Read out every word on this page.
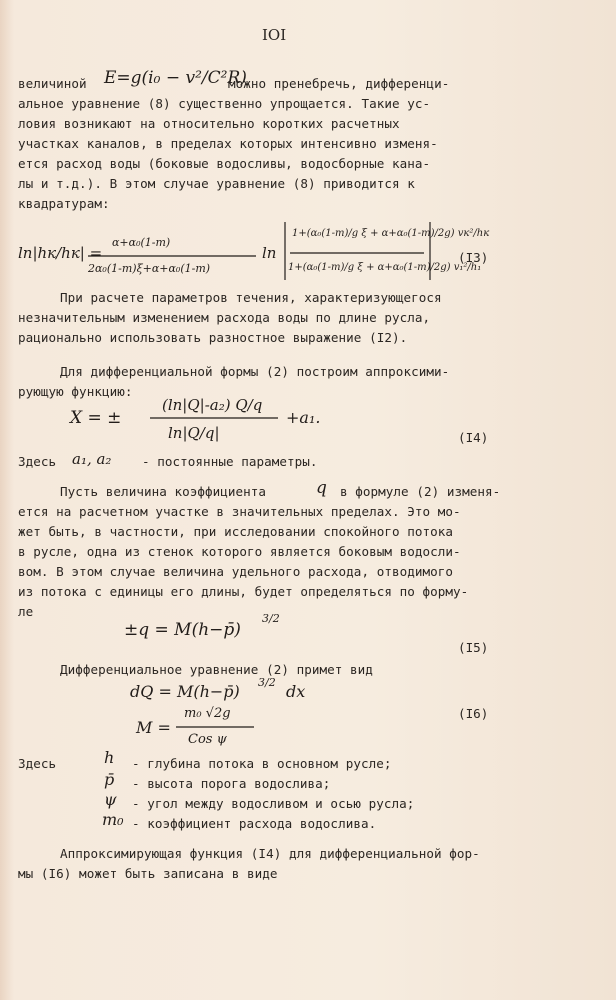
IOI
величиной E=g(i₀ − v²/C²R)
можно пренебречь, дифференци-
альное уравнение (8) существенно упрощается. Такие ус-
ловия возникают на относительно коротких расчетных
участках каналов, в пределах которых интенсивно изменя-
ется расход воды (боковые водосливы, водосборные кана-
лы и т.д.). В этом случае уравнение (8) приводится к
квадратурам:
ln|hк/hк| =
α+α₀(1-m)
2α₀(1-m)ξ+α+α₀(1-m)
ln
1+(α₀(1-m)/g ξ + α+α₀(1-m)/2g) vк²/hк
1+(α₀(1-m)/g ξ + α+α₀(1-m)/2g) v₁²/h₁
(I3)
При расчете параметров течения, характеризующегося
незначительным изменением расхода воды по длине русла,
рационально использовать разностное выражение (I2).
Для дифференциальной формы (2) построим аппроксими-
рующую функцию:
X = ±
(ln|Q|-a₂) Q/q
ln|Q/q|
+a₁.
(I4)
Здесь a₁, a₂ - постоянные параметры.
Пусть величина коэффициента	q в формуле (2) изменя-
ется на расчетном участке в значительных пределах. Это мо-
жет быть, в частности, при исследовании спокойного потока
в русле, одна из стенок которого является боковым водосли-
вом. В этом случае величина удельного расхода, отводимого
из потока с единицы его длины, будет определяться по форму-
ле
±q = M(h−p̄)
3/2
(I5)
Дифференциальное уравнение (2) примет вид
dQ = M(h−p̄) 3/2 dx
M =
m₀ √2g
Cos ψ
(I6)
Здесь	h - глубина потока в основном русле;
p̄ - высота порога водослива;
ψ - угол между водосливом и осью русла;
m₀ - коэффициент расхода водослива.
Аппроксимирующая функция (I4) для дифференциальной фор-
мы (I6) может быть записана в виде
